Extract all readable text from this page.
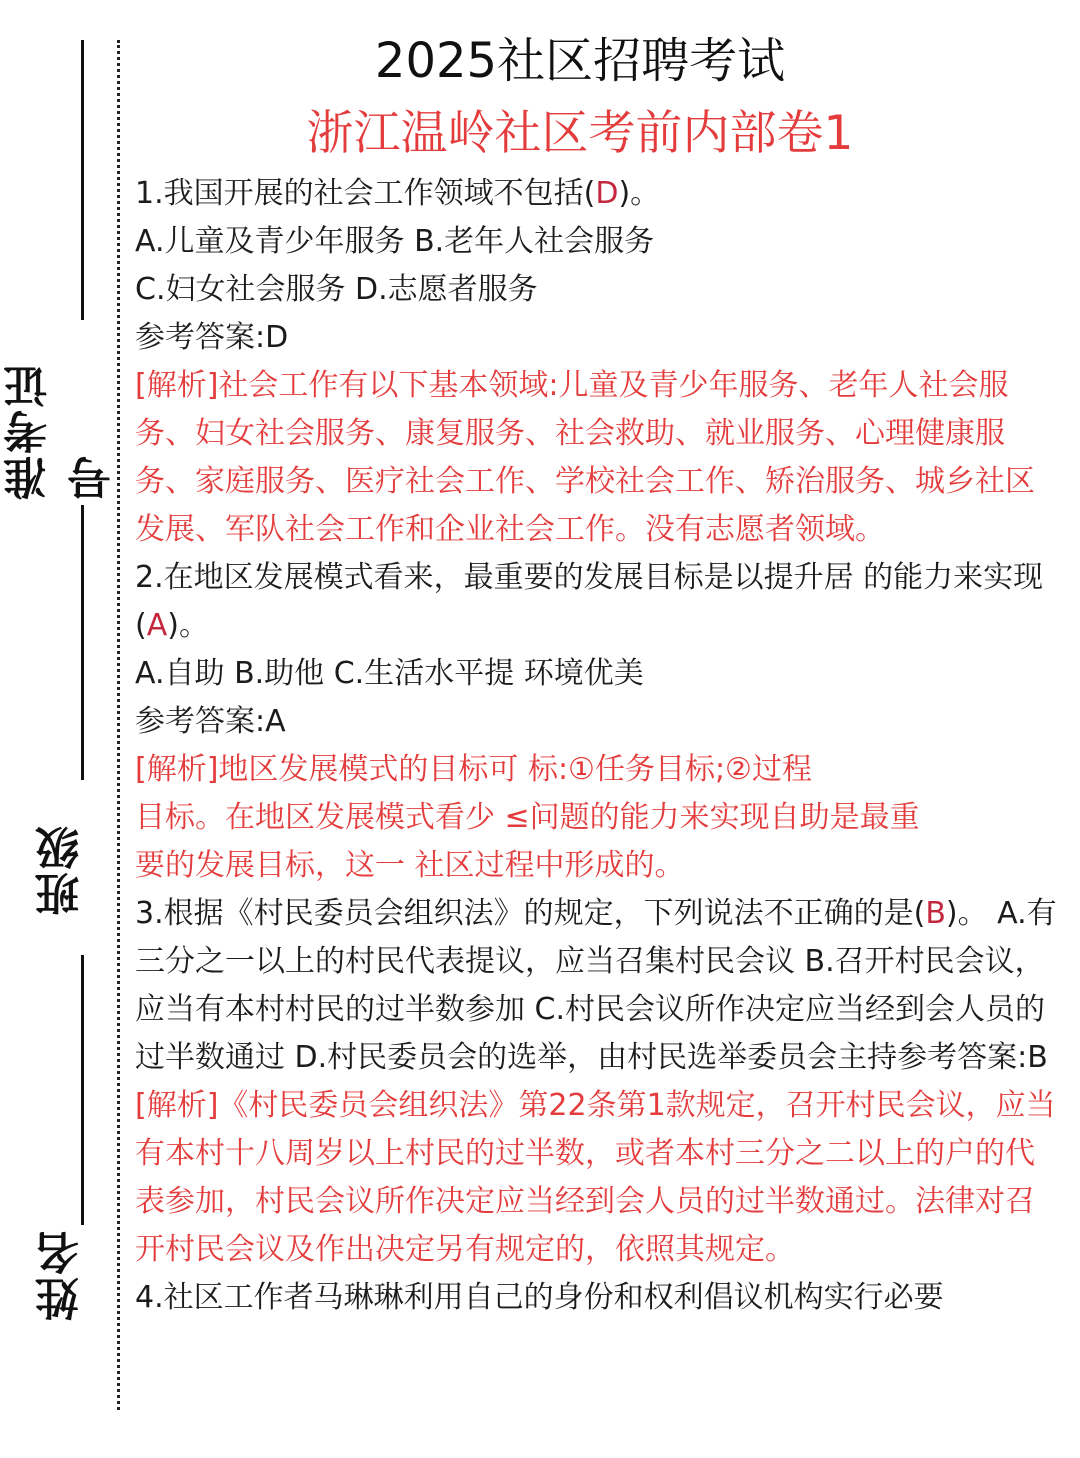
准考证号
班级
姓名
2025社区招聘考试
浙江温岭社区考前内部卷1

1.我国开展的社会工作领域不包括(D)。

A.儿童及青少年服务 B.老年人社会服务

C.妇女社会服务 D.志愿者服务

参考答案:D

[解析]社会工作有以下基本领域:儿童及青少年服务、老年人社会服务、妇女社会服务、康复服务、社会救助、就业服务、心理健康服务、家庭服务、医疗社会工作、学校社会工作、矫治服务、城乡社区发展、军队社会工作和企业社会工作。没有志愿者领域。

2.在地区发展模式看来，最重要的发展目标是以提升居 的能力来实现(A)。

A.自助 B.助他 C.生活水平提 环境优美

参考答案:A

[解析]地区发展模式的目标可 标:①任务目标;②过程

目标。在地区发展模式看少 ≤问题的能力来实现自助是最重

要的发展目标，这一 社区过程中形成的。

3.根据《村民委员会组织法》的规定，下列说法不正确的是(B)。 A.有三分之一以上的村民代表提议，应当召集村民会议 B.召开村民会议，应当有本村村民的过半数参加 C.村民会议所作决定应当经到会人员的过半数通过 D.村民委员会的选举，由村民选举委员会主持参考答案:B

[解析]《村民委员会组织法》第22条第1款规定，召开村民会议，应当有本村十八周岁以上村民的过半数，或者本村三分之二以上的户的代表参加，村民会议所作决定应当经到会人员的过半数通过。法律对召开村民会议及作出决定另有规定的，依照其规定。

4.社区工作者马琳琳利用自己的身份和权利倡议机构实行必要
